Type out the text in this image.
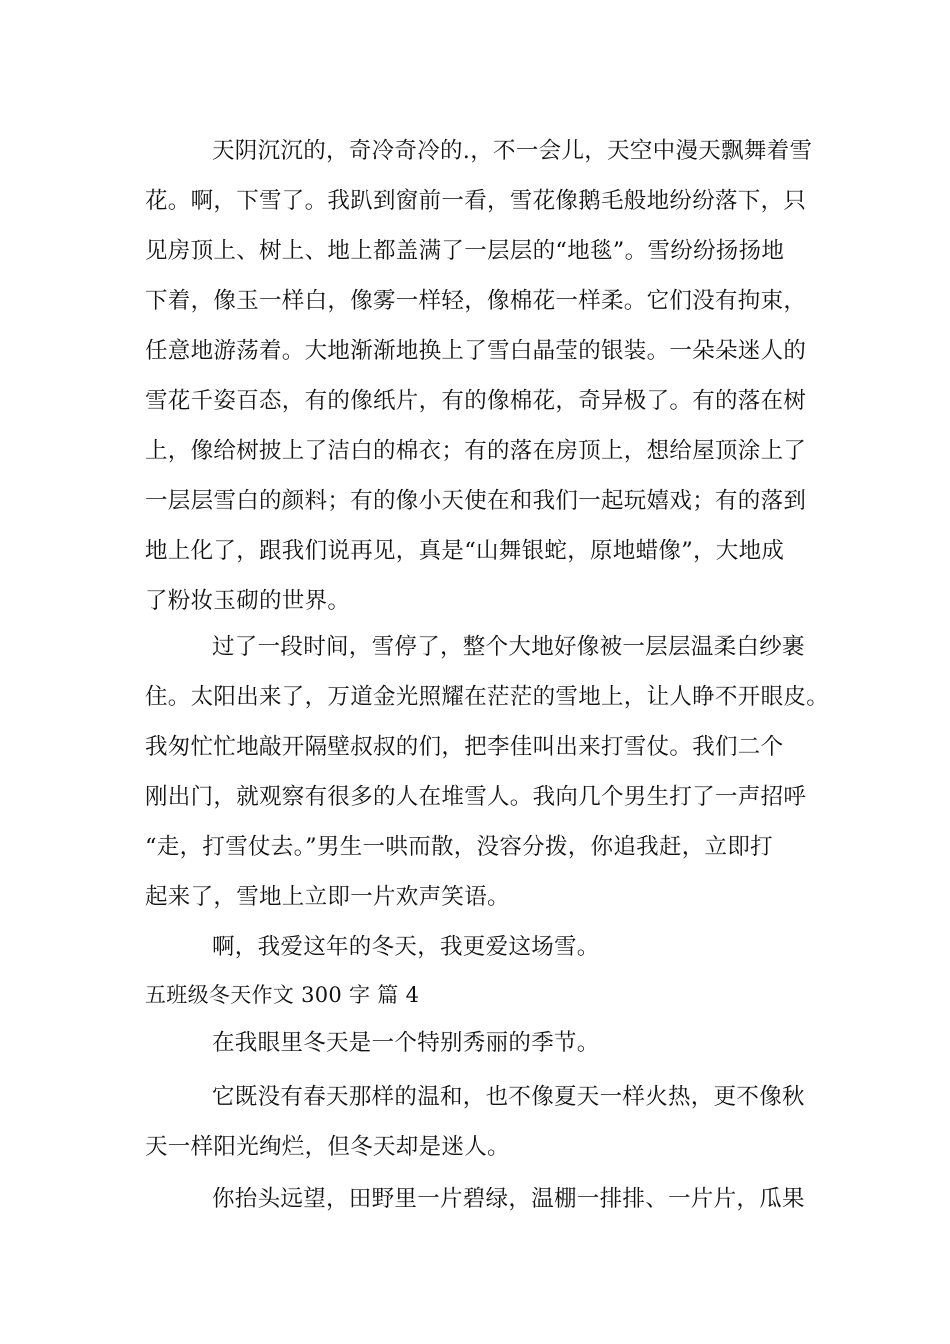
天阴沉沉的，奇冷奇冷的.，不一会儿，天空中漫天飘舞着雪

花。啊，下雪了。我趴到窗前一看，雪花像鹅毛般地纷纷落下，只

见房顶上、树上、地上都盖满了一层层的“地毯”。雪纷纷扬扬地

下着，像玉一样白，像雾一样轻，像棉花一样柔。它们没有拘束，

任意地游荡着。大地渐渐地换上了雪白晶莹的银装。一朵朵迷人的

雪花千姿百态，有的像纸片，有的像棉花，奇异极了。有的落在树

上，像给树披上了洁白的棉衣；有的落在房顶上，想给屋顶涂上了

一层层雪白的颜料；有的像小天使在和我们一起玩嬉戏；有的落到

地上化了，跟我们说再见，真是“山舞银蛇，原地蜡像”，大地成

了粉妆玉砌的世界。

过了一段时间，雪停了，整个大地好像被一层层温柔白纱裹

住。太阳出来了，万道金光照耀在茫茫的雪地上，让人睁不开眼皮。

我匆忙忙地敲开隔壁叔叔的们，把李佳叫出来打雪仗。我们二个

刚出门，就观察有很多的人在堆雪人。我向几个男生打了一声招呼

“走，打雪仗去。”男生一哄而散，没容分拨，你追我赶，立即打

起来了，雪地上立即一片欢声笑语。

啊，我爱这年的冬天，我更爱这场雪。

五班级冬天作文 300 字 篇 4

在我眼里冬天是一个特别秀丽的季节。

它既没有春天那样的温和，也不像夏天一样火热，更不像秋

天一样阳光绚烂，但冬天却是迷人。

你抬头远望，田野里一片碧绿，温棚一排排、一片片，瓜果
